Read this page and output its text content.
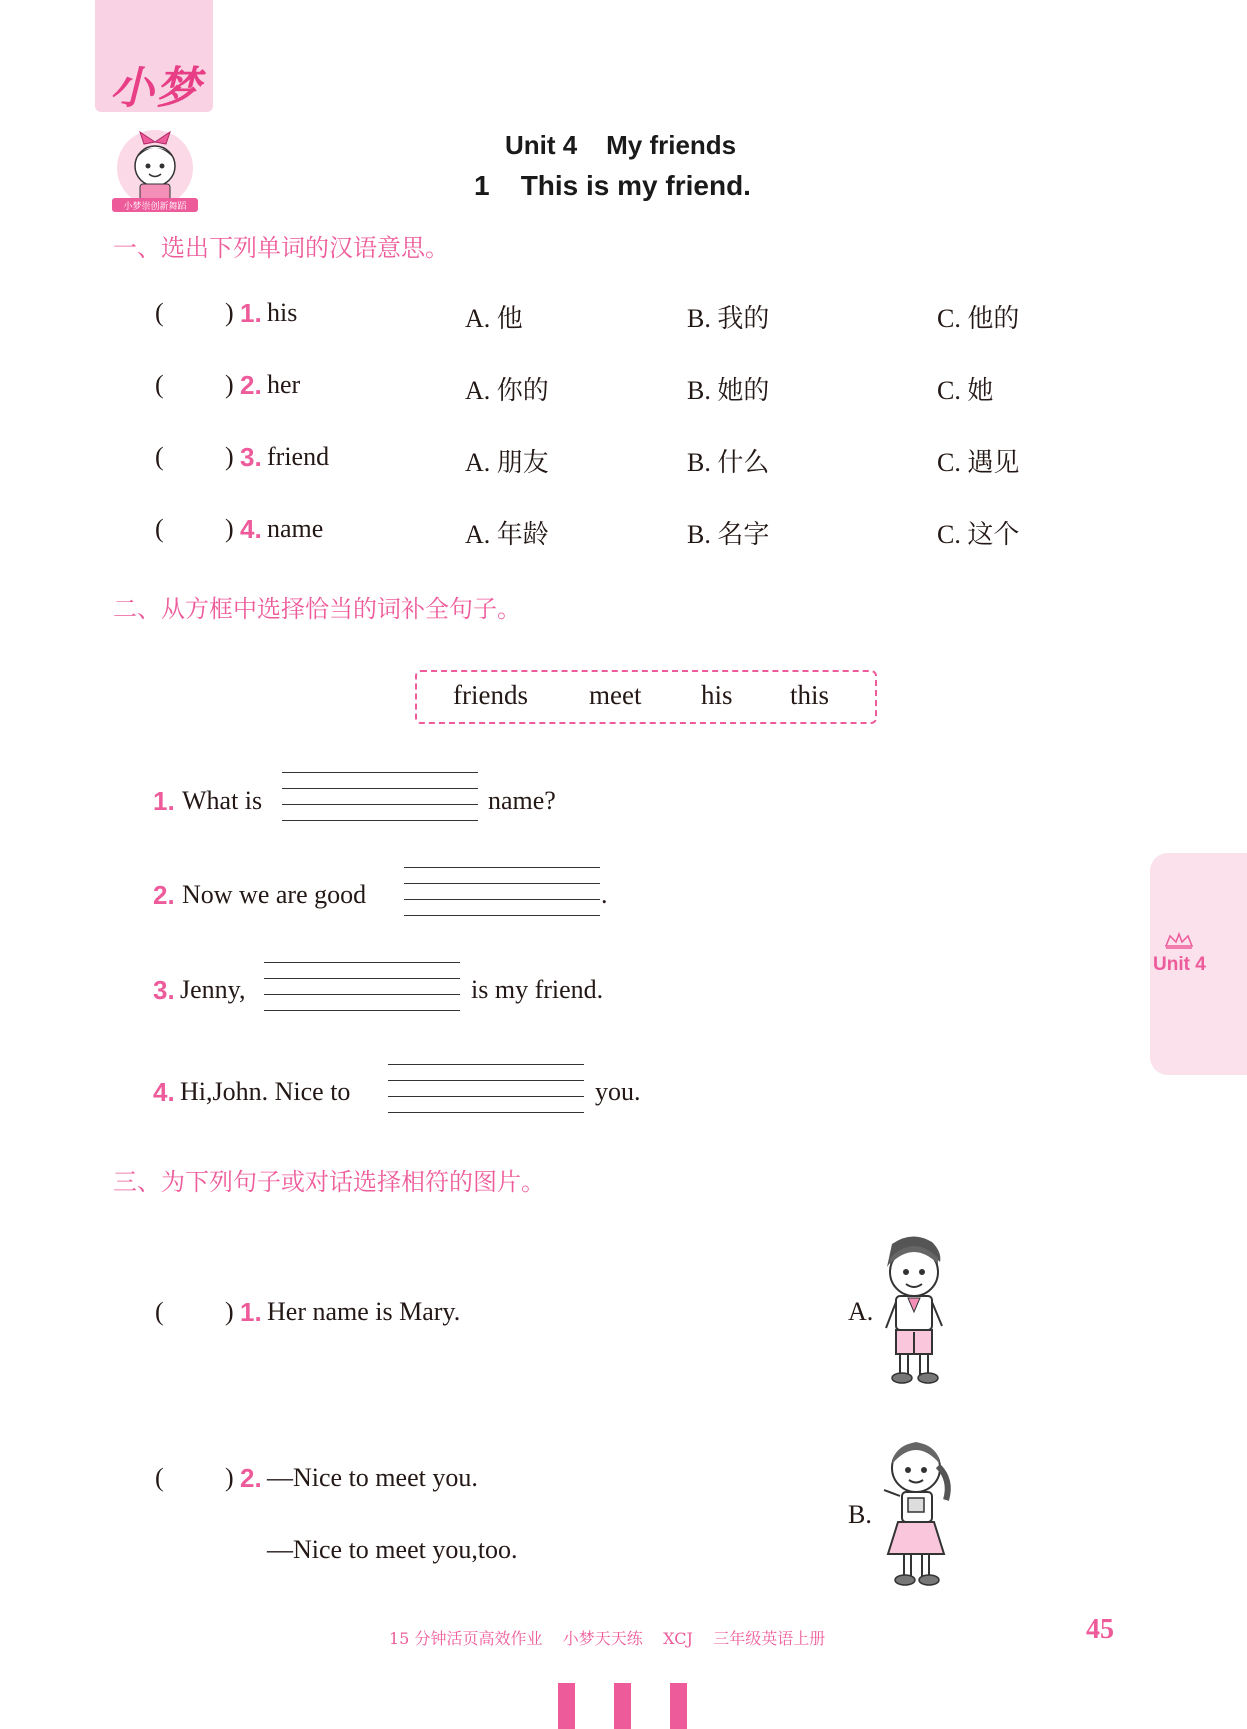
小梦
小梦崇创新舞蹈
Unit 4    My friends
1    This is my friend.
一、选出下列单词的汉语意思。
( ) 1. his	A. 他	B. 我的	C. 他的
( ) 2. her	A. 你的	B. 她的	C. 她
( ) 3. friend	A. 朋友	B. 什么	C. 遇见
( ) 4. name	A. 年龄	B. 名字	C. 这个
二、从方框中选择恰当的词补全句子。
friends meet his this
1. What is	name?
2. Now we are good	.
3. Jenny,	is my friend.
4. Hi,John. Nice to	you.
三、为下列句子或对话选择相符的图片。
( ) 1. Her name is Mary.
( ) 2. —Nice to meet you.
—Nice to meet you,too.
A.
B.
Unit 4
15 分钟活页高效作业    小梦天天练    XCJ    三年级英语上册	45
